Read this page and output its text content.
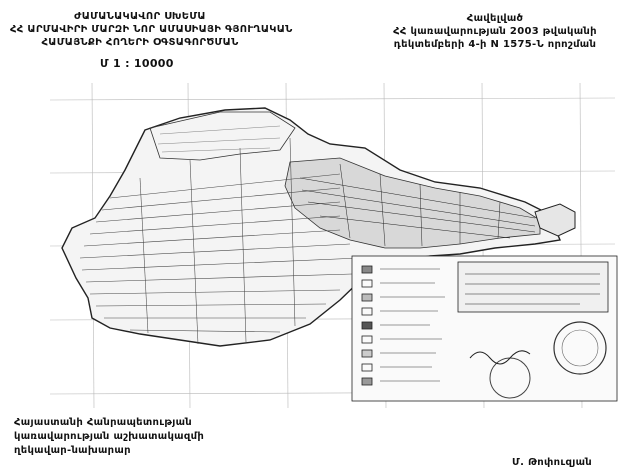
ԺԱՄԱՆԱԿԱՎՈՐ ՍԽԵՄԱ
ՀՀ ԱՐՄԱՎԻՐԻ ՄԱՐԶԻ ՆՈՐ ԱՄԱՍԻԱՅԻ ԳՅՈՒՂԱԿԱՆ
ՀԱՄԱՅՆՔԻ ՀՈՂԵՐԻ ՕԳՏԱԳՈՐԾՄԱՆ
Հավելված
ՀՀ կառավարության 2003 թվականի
դեկտեմբերի 4-ի N 1575-Ն որոշման
Մ 1 : 10000
Հայաստանի Հանրապետության
կառավարության աշխատակազմի
ղեկավար-նախարար
Մ. Թոփուզյան
